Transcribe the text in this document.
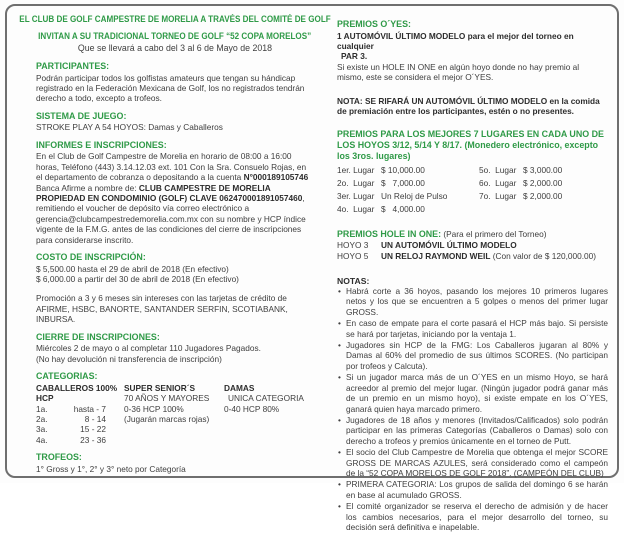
EL CLUB DE GOLF CAMPESTRE DE MORELIA A TRAVÉS DEL COMITÉ DE GOLF
INVITAN A SU TRADICIONAL TORNEO DE GOLF “52 COPA MORELOS”

Que se llevará a cabo del 3 al 6 de Mayo de 2018

PARTICIPANTES:

Podrán participar todos los golfistas amateurs que tengan su hándicap registrado en la Federación Mexicana de Golf, los no registrados tendrán derecho a todo, excepto a trofeos.

SISTEMA DE JUEGO:

STROKE PLAY A 54 HOYOS: Damas y Caballeros

INFORMES E INSCRIPCIONES:

En el Club de Golf Campestre de Morelia en horario de 08:00 a 16:00 horas, Teléfono (443) 3.14.12.03 ext. 101 Con la Sra. Consuelo Rojas, en el departamento de cobranza o depositando a la cuenta N°000189105746 Banca Afirme a nombre de: CLUB CAMPESTRE DE MORELIA PROPIEDAD EN CONDOMINIO (GOLF) CLAVE 062470001891057460, remitiendo el voucher de depósito vía correo electrónico a gerencia@clubcampestredemorelia.com.mx con su nombre y HCP índice vigente de la F.M.G. antes de las condiciones del cierre de inscripciones para considerarse inscrito.

COSTO DE INSCRIPCIÓN:

$ 5,500.00 hasta el 29 de abril de 2018 (En efectivo)

$ 6,000.00 a partir del 30 de abril de 2018 (En efectivo)

Promoción a 3 y 6 meses sin intereses con las tarjetas de crédito de AFIRME, HSBC, BANORTE, SANTANDER SERFIN, SCOTIABANK, INBURSA.

CIERRE DE INSCRIPCIONES:

Miércoles 2 de mayo o al completar 110 Jugadores Pagados.

(No hay devolución ni transferencia de inscripción)

CATEGORIAS:

CABALLEROS 100% HCP
1a.	hasta - 7
2a.	8 - 14
3a.	15 - 22
4a.	23 - 36
SUPER SENIOR´S
70 AÑOS Y MAYORES
0-36 HCP 100%
(Jugarán marcas rojas)
DAMAS
UNICA CATEGORIA
0-40 HCP 80%

TROFEOS:

1° Gross y 1°, 2° y 3° neto por Categoría

PREMIOS O´YES:

1 AUTOMÓVIL ÚLTIMO MODELO para el mejor del torneo en cualquier

PAR 3.

Si existe un HOLE IN ONE en algún hoyo donde no hay premio al mismo, este se considera el mejor O´YES.

NOTA: SE RIFARÁ UN AUTOMÓVIL ÚLTIMO MODELO en la comida de premiación entre los participantes, estén o no presentes.

PREMIOS PARA LOS MEJORES 7 LUGARES EN CADA UNO DE LOS HOYOS 3/12, 5/14 Y 8/17. (Monedero electrónico, excepto los 3ros. lugares)

1er. Lugar $ 10,000.00
2o.  Lugar $   7,000.00
3er. Lugar Un Reloj de Pulso
4o.  Lugar $   4,000.00
5o.  Lugar $ 3,000.00
6o.  Lugar $ 2,000.00
7o.  Lugar $ 2,000.00

PREMIOS HOLE IN ONE: (Para el primero del Torneo)

HOYO 3	UN AUTOMÓVIL ÚLTIMO MODELO
HOYO 5	UN RELOJ RAYMOND WEIL (Con valor de $ 120,000.00)

NOTAS:

• Habrá corte a 36 hoyos, pasando los mejores 10 primeros lugares netos y los que se encuentren a 5 golpes o menos del primer lugar GROSS.

• En caso de empate para el corte pasará el HCP más bajo. Si persiste se hará por tarjetas, iniciando por la ventaja 1.

• Jugadores sin HCP de la FMG: Los Caballeros jugaran al 80% y Damas al 60% del promedio de sus últimos SCORES. (No participan por trofeos y Calcuta).

• Si un jugador marca más de un O´YES en un mismo Hoyo, se hará acreedor al premio del mejor lugar. (Ningún jugador podrá ganar más de un premio en un mismo hoyo), si existe empate en los O´YES, ganará quien haya marcado primero.

• Jugadores de 18 años y menores (Invitados/Calificados) solo podrán participar en las primeras Categorías (Caballeros o Damas) solo con derecho a trofeos y premios únicamente en el torneo de Putt.

• El socio del Club Campestre de Morelia que obtenga el mejor SCORE GROSS DE MARCAS AZULES, será considerado como el campeón de la “52 COPA MORELOS DE GOLF 2018”. (CAMPEÓN DEL CLUB)

• PRIMERA CATEGORIA: Los grupos de salida del domingo 6 se harán en base al acumulado GROSS.

• El comité organizador se reserva el derecho de admisión y de hacer los cambios necesarios, para el mejor desarrollo del torneo, su decisión será definitiva e inapelable.
